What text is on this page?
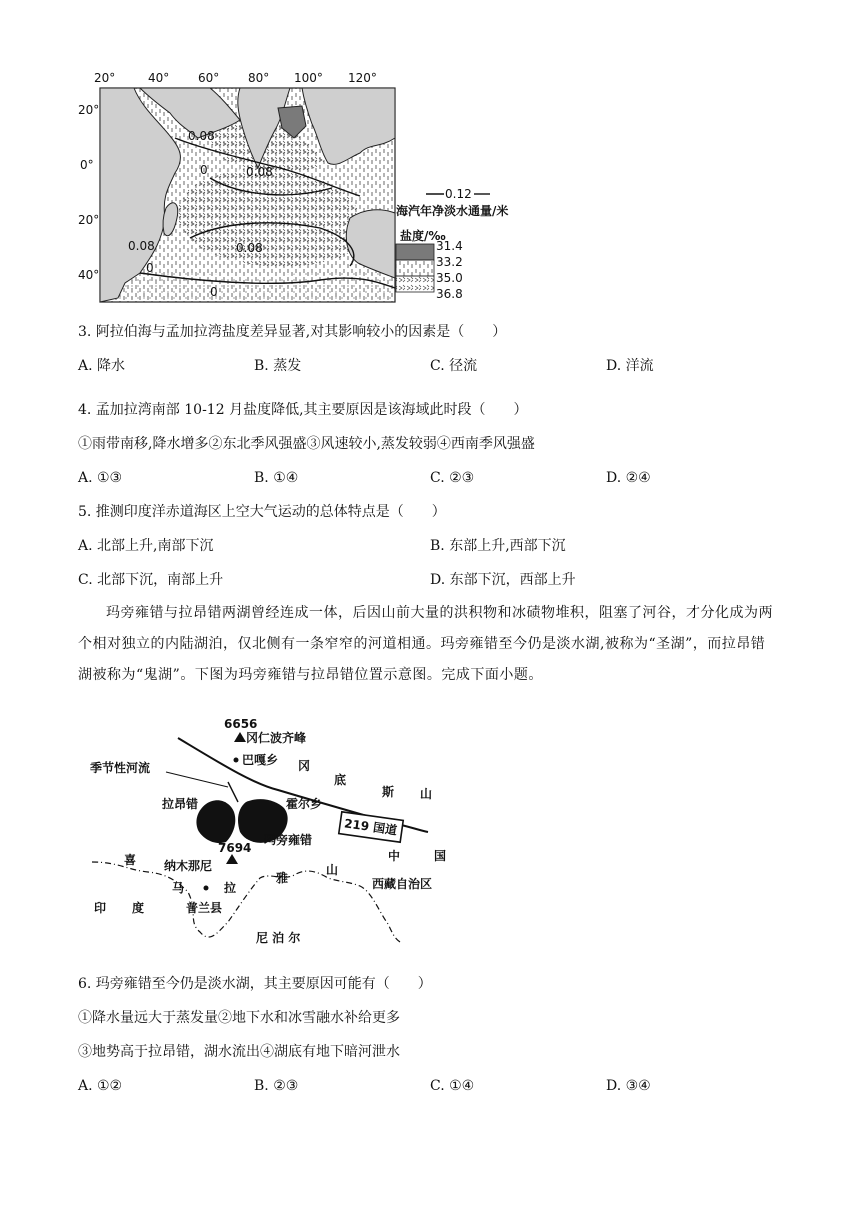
20°	40° 60° 80° 100° 120°
20°
0°
20°
40°
0.08
0	0.08
0.08
0
0.08
0
0.12
海汽年净淡水通量/米
盐度/‰
31.4
33.2
35.0
36.8
3. 阿拉伯海与孟加拉湾盐度差异显著,对其影响较小的因素是（　　）
A. 降水	B. 蒸发	C. 径流	D. 洋流
4. 孟加拉湾南部 10-12 月盐度降低,其主要原因是该海域此时段（　　）
①雨带南移,降水增多②东北季风强盛③风速较小,蒸发较弱④西南季风强盛
A. ①③	B. ①④	C. ②③	D. ②④
5. 推测印度洋赤道海区上空大气运动的总体特点是（　　）
A. 北部上升,南部下沉	B. 东部上升,西部下沉
C. 北部下沉，南部上升	D. 东部下沉，西部上升
玛旁雍错与拉昂错两湖曾经连成一体，后因山前大量的洪积物和冰碛物堆积，阻塞了河谷，才分化成为两个相对独立的内陆湖泊，仅北侧有一条窄窄的河道相通。玛旁雍错至今仍是淡水湖,被称为“圣湖”，而拉昂错湖被称为“鬼湖”。下图为玛旁雍错与拉昂错位置示意图。完成下面小题。
6656
冈仁波齐峰
巴嘎乡
季节性河流
拉昂错	霍尔乡
219 国道
玛旁雍错
7694
纳木那尼
普兰县
西藏自治区
冈
底
斯 山
喜
马	拉
雅
山
中	国
印 度
尼 泊 尔
6. 玛旁雍错至今仍是淡水湖，其主要原因可能有（　　）
①降水量远大于蒸发量②地下水和冰雪融水补给更多
③地势高于拉昂错，湖水流出④湖底有地下暗河泄水
A. ①②	B. ②③	C. ①④	D. ③④
